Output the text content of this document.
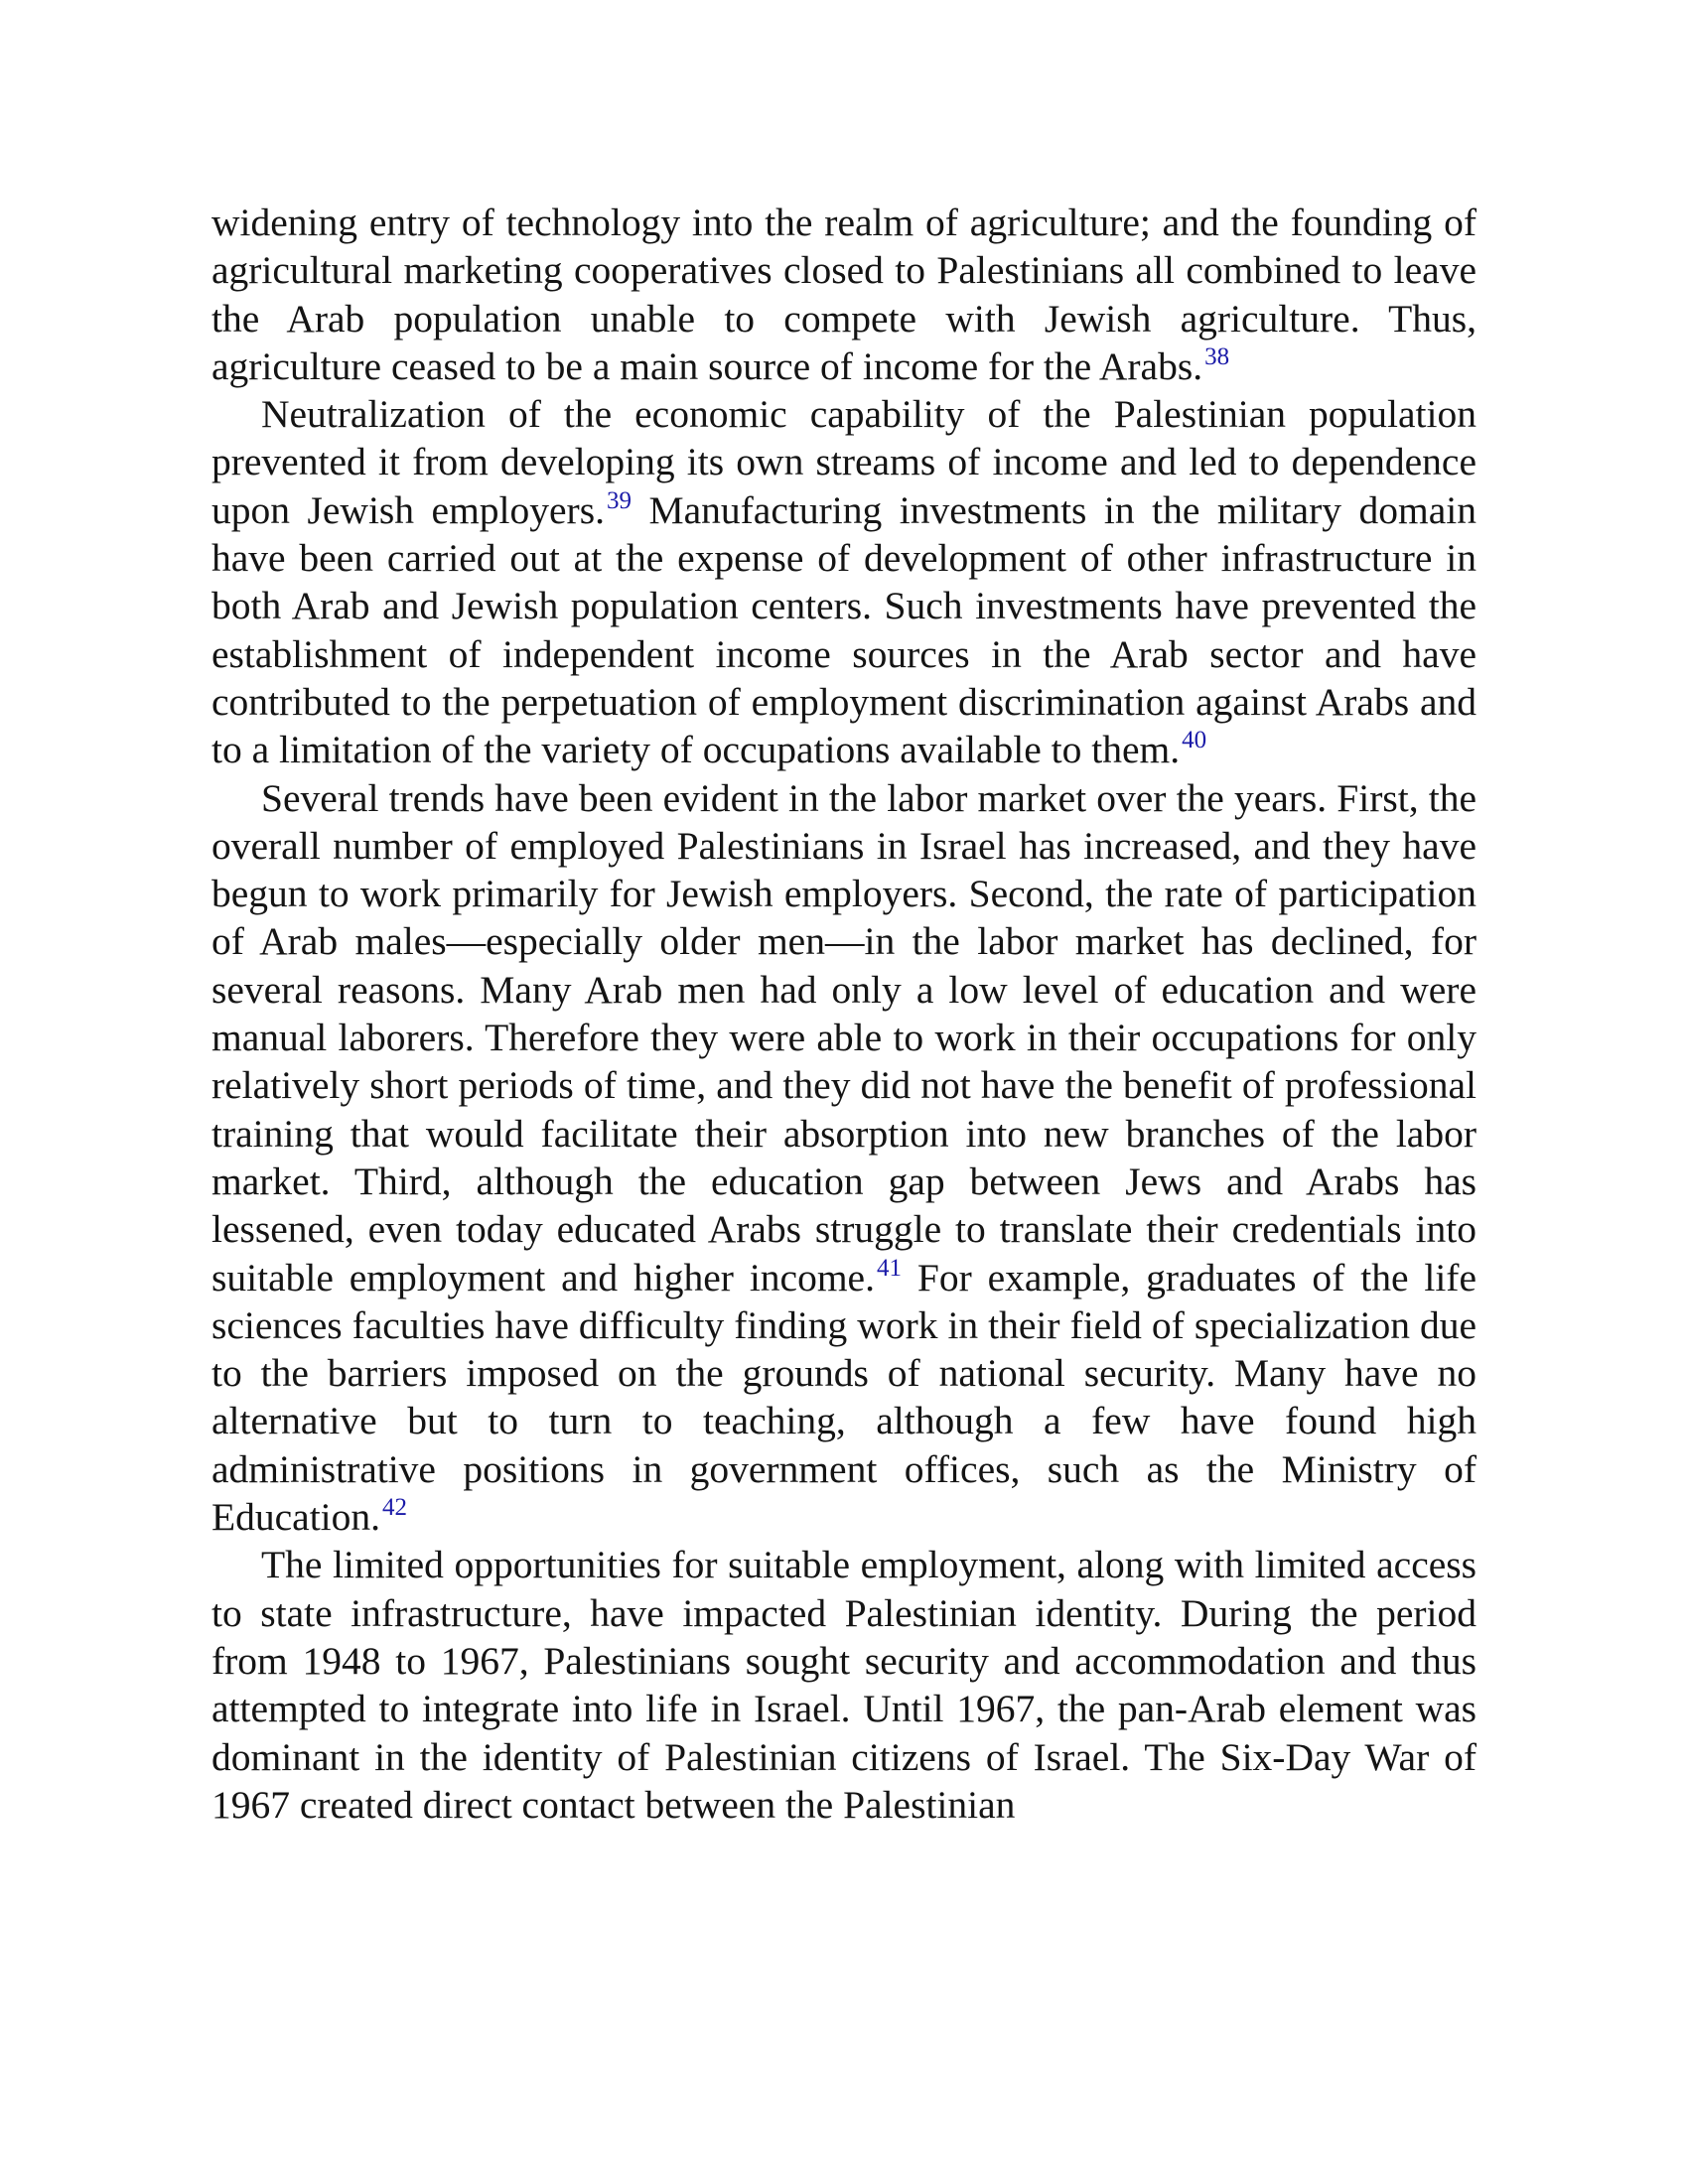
widening entry of technology into the realm of agriculture; and the founding of agricultural marketing cooperatives closed to Palestinians all combined to leave the Arab population unable to compete with Jewish agriculture. Thus, agriculture ceased to be a main source of income for the Arabs.$^{38}$

Neutralization of the economic capability of the Palestinian population prevented it from developing its own streams of income and led to dependence upon Jewish employers.$^{39}$ Manufacturing investments in the military domain have been carried out at the expense of development of other infrastructure in both Arab and Jewish population centers. Such investments have prevented the establishment of independent income sources in the Arab sector and have contributed to the perpetuation of employment discrimination against Arabs and to a limitation of the variety of occupations available to them.$^{40}$

Several trends have been evident in the labor market over the years. First, the overall number of employed Palestinians in Israel has increased, and they have begun to work primarily for Jewish employers. Second, the rate of participation of Arab males—especially older men—in the labor market has declined, for several reasons. Many Arab men had only a low level of education and were manual laborers. Therefore they were able to work in their occupations for only relatively short periods of time, and they did not have the benefit of professional training that would facilitate their absorption into new branches of the labor market. Third, although the education gap between Jews and Arabs has lessened, even today educated Arabs struggle to translate their credentials into suitable employment and higher income.$^{41}$ For example, graduates of the life sciences faculties have difficulty finding work in their field of specialization due to the barriers imposed on the grounds of national security. Many have no alternative but to turn to teaching, although a few have found high administrative positions in government offices, such as the Ministry of Education.$^{42}$

The limited opportunities for suitable employment, along with limited access to state infrastructure, have impacted Palestinian identity. During the period from 1948 to 1967, Palestinians sought security and accommodation and thus attempted to integrate into life in Israel. Until 1967, the pan-Arab element was dominant in the identity of Palestinian citizens of Israel. The Six-Day War of 1967 created direct contact between the Palestinian
